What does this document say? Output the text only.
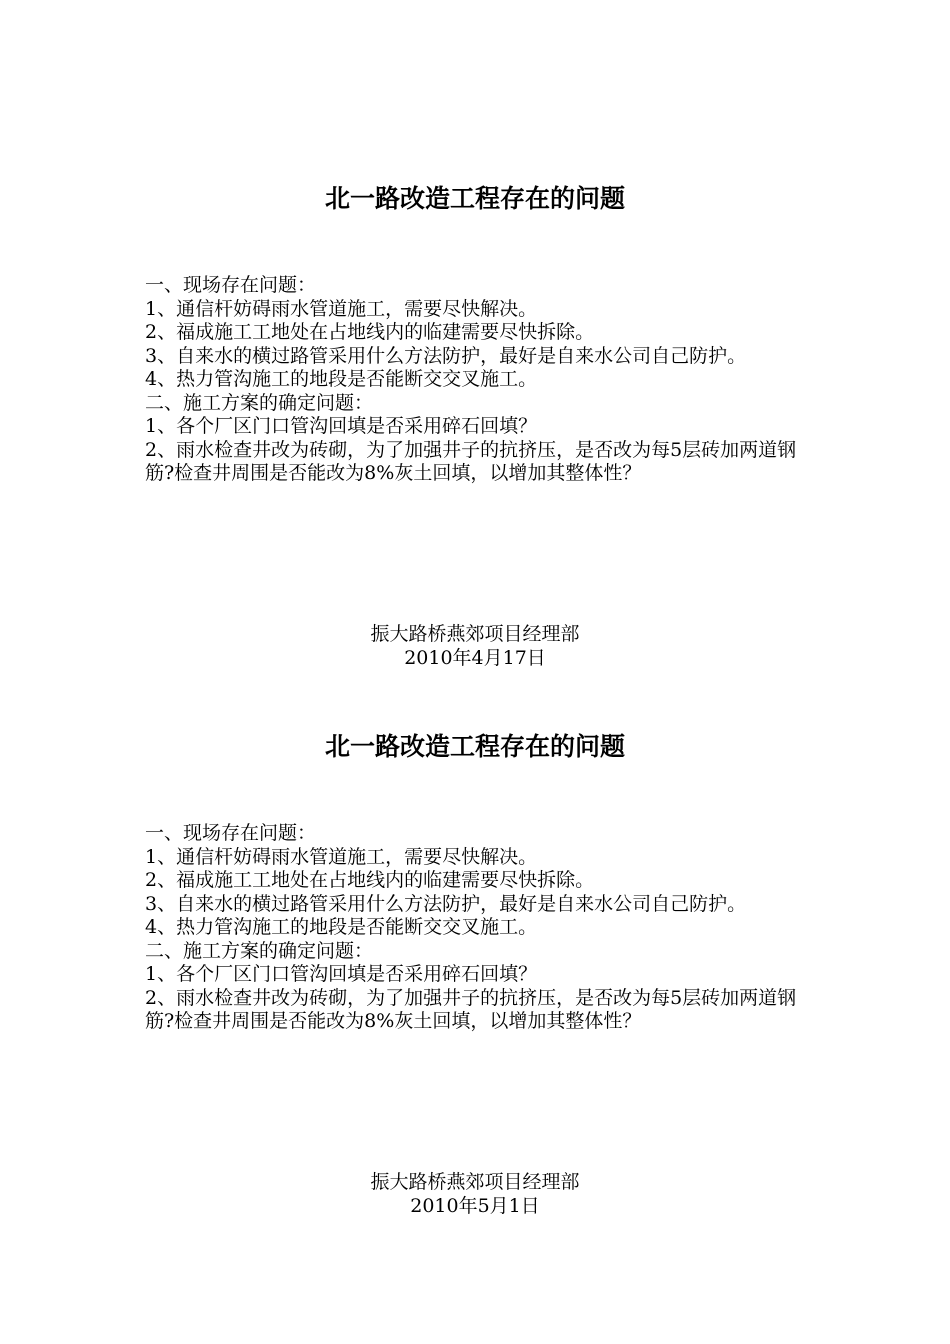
北一路改造工程存在的问题

一、现场存在问题：

1、通信杆妨碍雨水管道施工，需要尽快解决。

2、福成施工工地处在占地线内的临建需要尽快拆除。

3、自来水的横过路管采用什么方法防护，最好是自来水公司自己防护。

4、热力管沟施工的地段是否能断交交叉施工。

二、施工方案的确定问题：

1、各个厂区门口管沟回填是否采用碎石回填？

2、雨水检查井改为砖砌，为了加强井子的抗挤压，是否改为每5层砖加两道钢筋?检查井周围是否能改为8%灰土回填，以增加其整体性？

振大路桥燕郊项目经理部

2010年4月17日

北一路改造工程存在的问题

一、现场存在问题：

1、通信杆妨碍雨水管道施工，需要尽快解决。

2、福成施工工地处在占地线内的临建需要尽快拆除。

3、自来水的横过路管采用什么方法防护，最好是自来水公司自己防护。

4、热力管沟施工的地段是否能断交交叉施工。

二、施工方案的确定问题：

1、各个厂区门口管沟回填是否采用碎石回填？

2、雨水检查井改为砖砌，为了加强井子的抗挤压，是否改为每5层砖加两道钢筋?检查井周围是否能改为8%灰土回填，以增加其整体性？

振大路桥燕郊项目经理部

2010年5月1日
